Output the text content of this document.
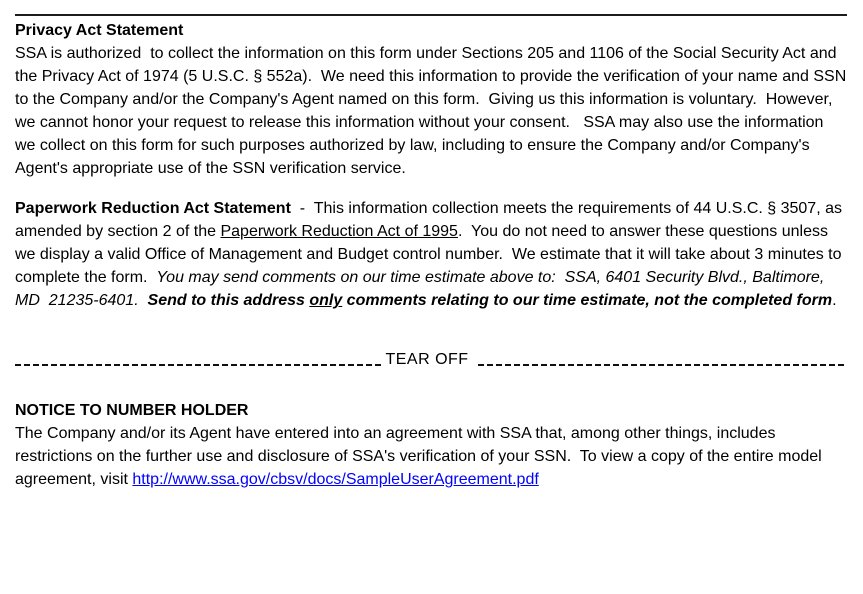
Privacy Act Statement

SSA is authorized  to collect the information on this form under Sections 205 and 1106 of the Social Security Act and the Privacy Act of 1974 (5 U.S.C. § 552a).  We need this information to provide the verification of your name and SSN to the Company and/or the Company's Agent named on this form.  Giving us this information is voluntary.  However, we cannot honor your request to release this information without your consent.   SSA may also use the information we collect on this form for such purposes authorized by law, including to ensure the Company and/or Company's Agent's appropriate use of the SSN verification service.

Paperwork Reduction Act Statement  -  This information collection meets the requirements of 44 U.S.C. § 3507, as amended by section 2 of the Paperwork Reduction Act of 1995.  You do not need to answer these questions unless we display a valid Office of Management and Budget control number.  We estimate that it will take about 3 minutes to complete the form.  You may send comments on our time estimate above to:  SSA, 6401 Security Blvd., Baltimore, MD  21235-6401.  Send to this address only comments relating to our time estimate, not the completed form.

TEAR OFF
NOTICE TO NUMBER HOLDER

The Company and/or its Agent have entered into an agreement with SSA that, among other things, includes restrictions on the further use and disclosure of SSA's verification of your SSN.  To view a copy of the entire model agreement, visit http://www.ssa.gov/cbsv/docs/SampleUserAgreement.pdf
